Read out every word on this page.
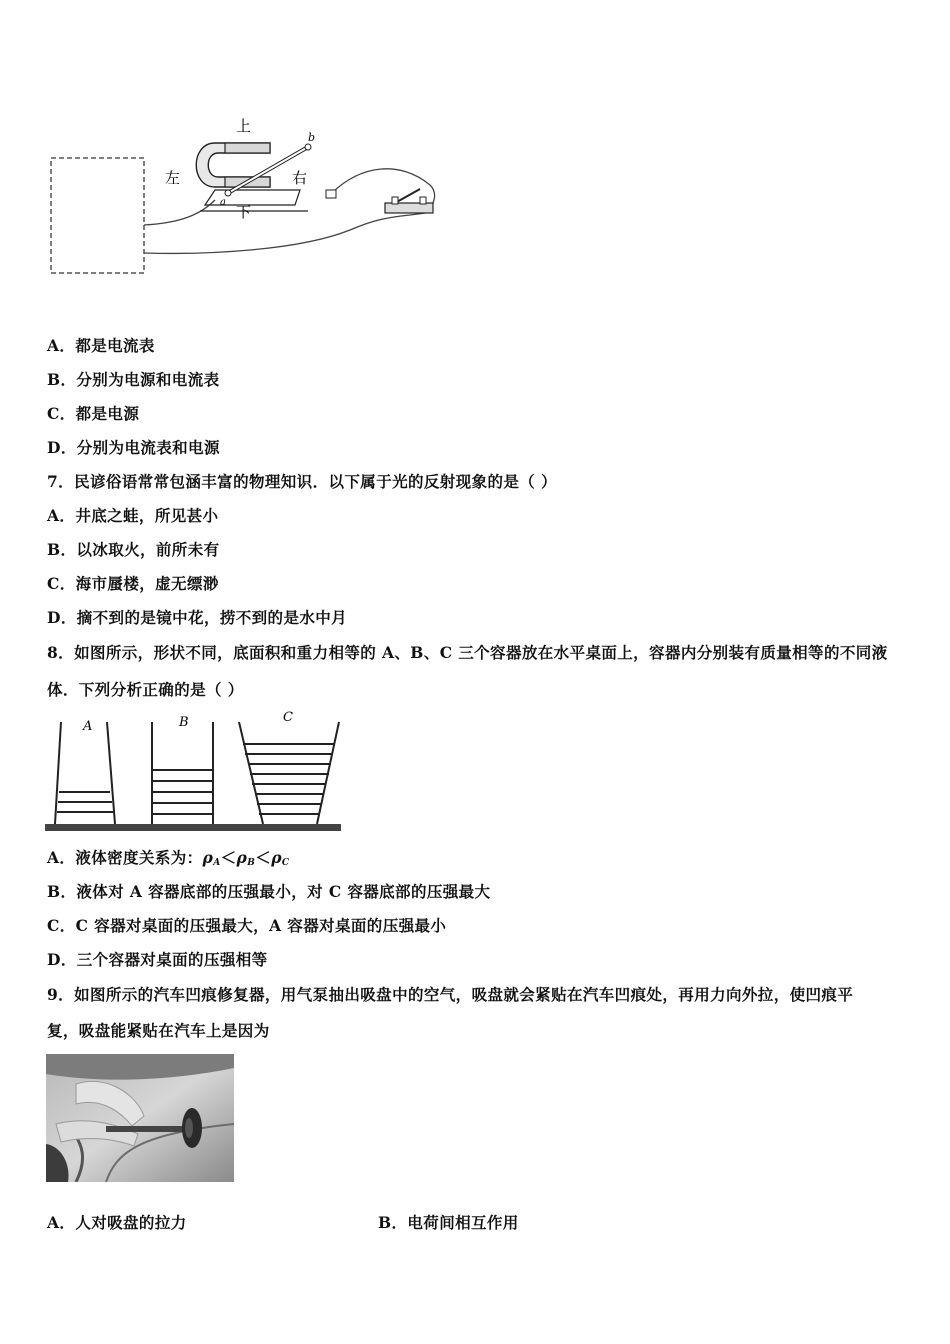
上
下
左	右
a
b
A．都是电流表
B．分别为电源和电流表
C．都是电源
D．分别为电流表和电源
7．民谚俗语常常包涵丰富的物理知识．以下属于光的反射现象的是（ ）
A．井底之蛙，所见甚小
B．以冰取火，前所未有
C．海市蜃楼，虚无缥渺
D．摘不到的是镜中花，捞不到的是水中月
8．如图所示，形状不同，底面积和重力相等的 A、B、C 三个容器放在水平桌面上，容器内分别装有质量相等的不同液
体．下列分析正确的是（ ）
A	B	C
A．液体密度关系为：$\rho_A<\rho_B<\rho_C$
B．液体对 A 容器底部的压强最小，对 C 容器底部的压强最大
C．C 容器对桌面的压强最大，A 容器对桌面的压强最小
D．三个容器对桌面的压强相等
9．如图所示的汽车凹痕修复器，用气泵抽出吸盘中的空气，吸盘就会紧贴在汽车凹痕处，再用力向外拉，使凹痕平
复，吸盘能紧贴在汽车上是因为
A．人对吸盘的拉力	B．电荷间相互作用
